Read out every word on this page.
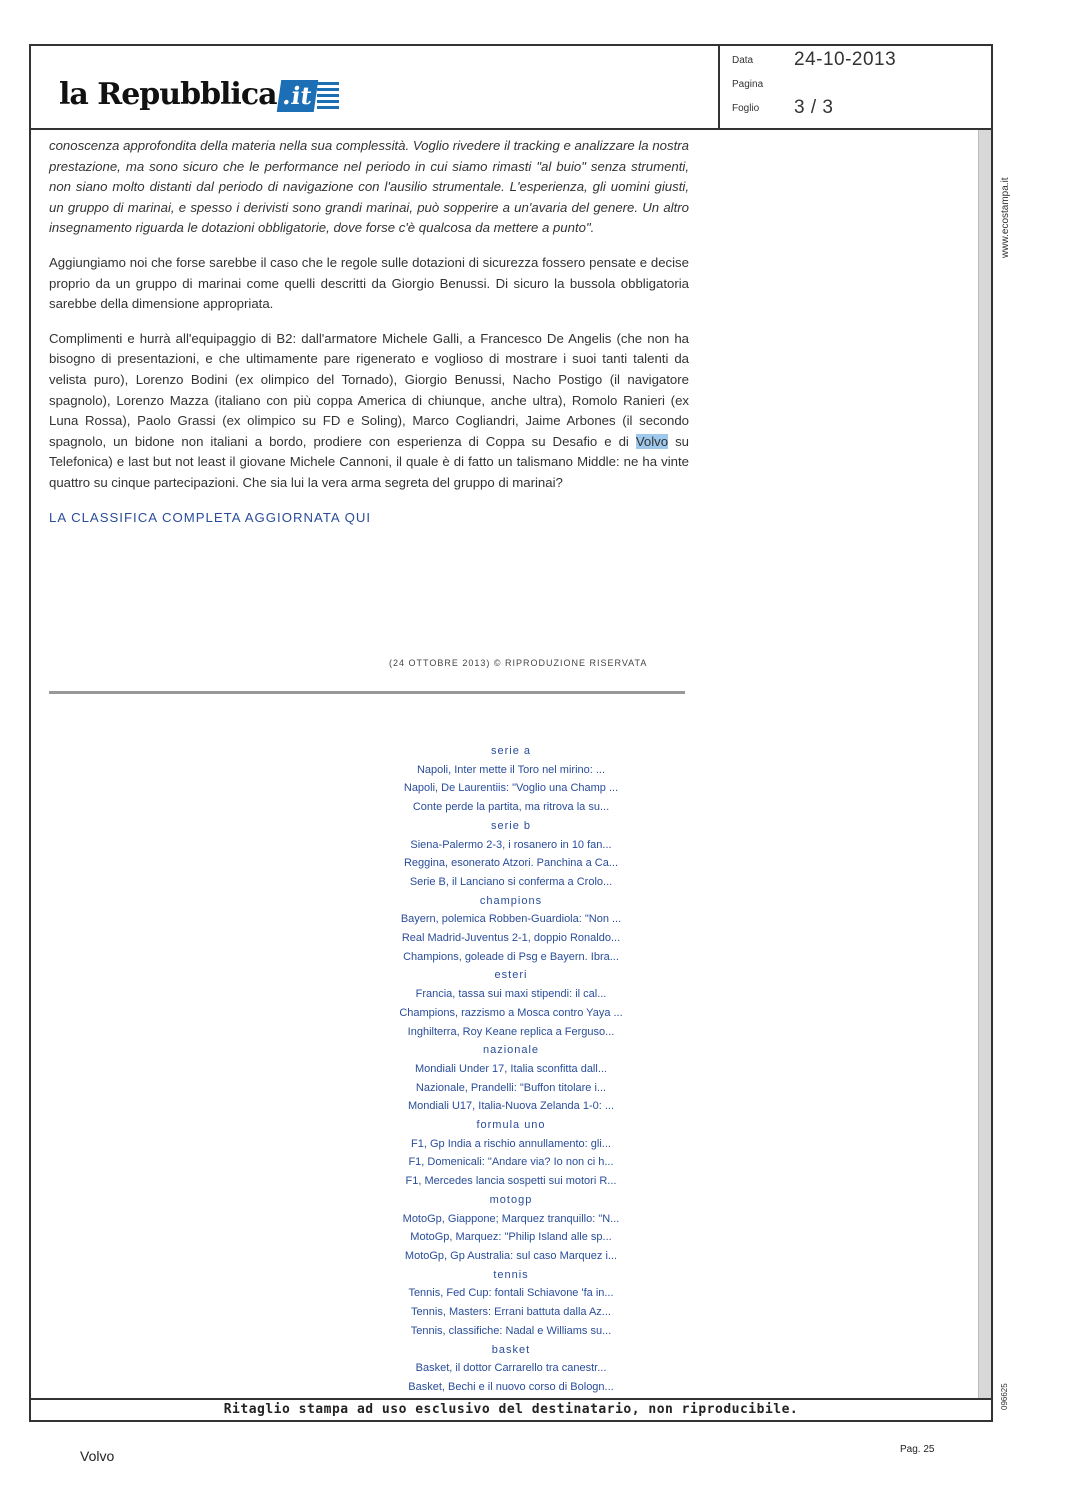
la Repubblica .it
Data	24-10-2013
Pagina
Foglio	3 / 3

conoscenza approfondita della materia nella sua complessità. Voglio rivedere il tracking e analizzare la nostra prestazione, ma sono sicuro che le performance nel periodo in cui siamo rimasti "al buio" senza strumenti, non siano molto distanti dal periodo di navigazione con l'ausilio strumentale. L'esperienza, gli uomini giusti, un gruppo di marinai, e spesso i derivisti sono grandi marinai, può sopperire a un'avaria del genere. Un altro insegnamento riguarda le dotazioni obbligatorie, dove forse c'è qualcosa da mettere a punto".

Aggiungiamo noi che forse sarebbe il caso che le regole sulle dotazioni di sicurezza fossero pensate e decise proprio da un gruppo di marinai come quelli descritti da Giorgio Benussi. Di sicuro la bussola obbligatoria sarebbe della dimensione appropriata.

Complimenti e hurrà all'equipaggio di B2: dall'armatore Michele Galli, a Francesco De Angelis (che non ha bisogno di presentazioni, e che ultimamente pare rigenerato e voglioso di mostrare i suoi tanti talenti da velista puro), Lorenzo Bodini (ex olimpico del Tornado), Giorgio Benussi, Nacho Postigo (il navigatore spagnolo), Lorenzo Mazza (italiano con più coppa America di chiunque, anche ultra), Romolo Ranieri (ex Luna Rossa), Paolo Grassi (ex olimpico su FD e Soling), Marco Cogliandri, Jaime Arbones (il secondo spagnolo, un bidone non italiani a bordo, prodiere con esperienza di Coppa su Desafio e di Volvo su Telefonica) e last but not least il giovane Michele Cannoni, il quale è di fatto un talismano Middle: ne ha vinte quattro su cinque partecipazioni. Che sia lui la vera arma segreta del gruppo di marinai?

LA CLASSIFICA COMPLETA AGGIORNATA QUI
(24 OTTOBRE 2013) © RIPRODUZIONE RISERVATA
serie a
Napoli, Inter mette il Toro nel mirino: ...
Napoli, De Laurentiis: "Voglio una Champ ...
Conte perde la partita, ma ritrova la su...
serie b
Siena-Palermo 2-3, i rosanero in 10 fan...
Reggina, esonerato Atzori. Panchina a Ca...
Serie B, il Lanciano si conferma a Crolo...
champions
Bayern, polemica Robben-Guardiola: "Non ...
Real Madrid-Juventus 2-1, doppio Ronaldo...
Champions, goleade di Psg e Bayern. Ibra...
esteri
Francia, tassa sui maxi stipendi: il cal...
Champions, razzismo a Mosca contro Yaya ...
Inghilterra, Roy Keane replica a Ferguso...
nazionale
Mondiali Under 17, Italia sconfitta dall...
Nazionale, Prandelli: "Buffon titolare i...
Mondiali U17, Italia-Nuova Zelanda 1-0: ...
formula uno
F1, Gp India a rischio annullamento: gli...
F1, Domenicali: "Andare via? Io non ci h...
F1, Mercedes lancia sospetti sui motori R...
motogp
MotoGp, Giappone; Marquez tranquillo: "N...
MotoGp, Marquez: "Philip Island alle sp...
MotoGp, Gp Australia: sul caso Marquez i...
tennis
Tennis, Fed Cup: fontali Schiavone 'fa in...
Tennis, Masters: Errani battuta dalla Az...
Tennis, classifiche: Nadal e Williams su...
basket
Basket, il dottor Carrarello tra canestr...
Basket, Bechi e il nuovo corso di Bologn...
Ritaglio stampa ad uso esclusivo del destinatario, non riproducibile.
www.ecostampa.it
096625
Volvo	Pag. 25
